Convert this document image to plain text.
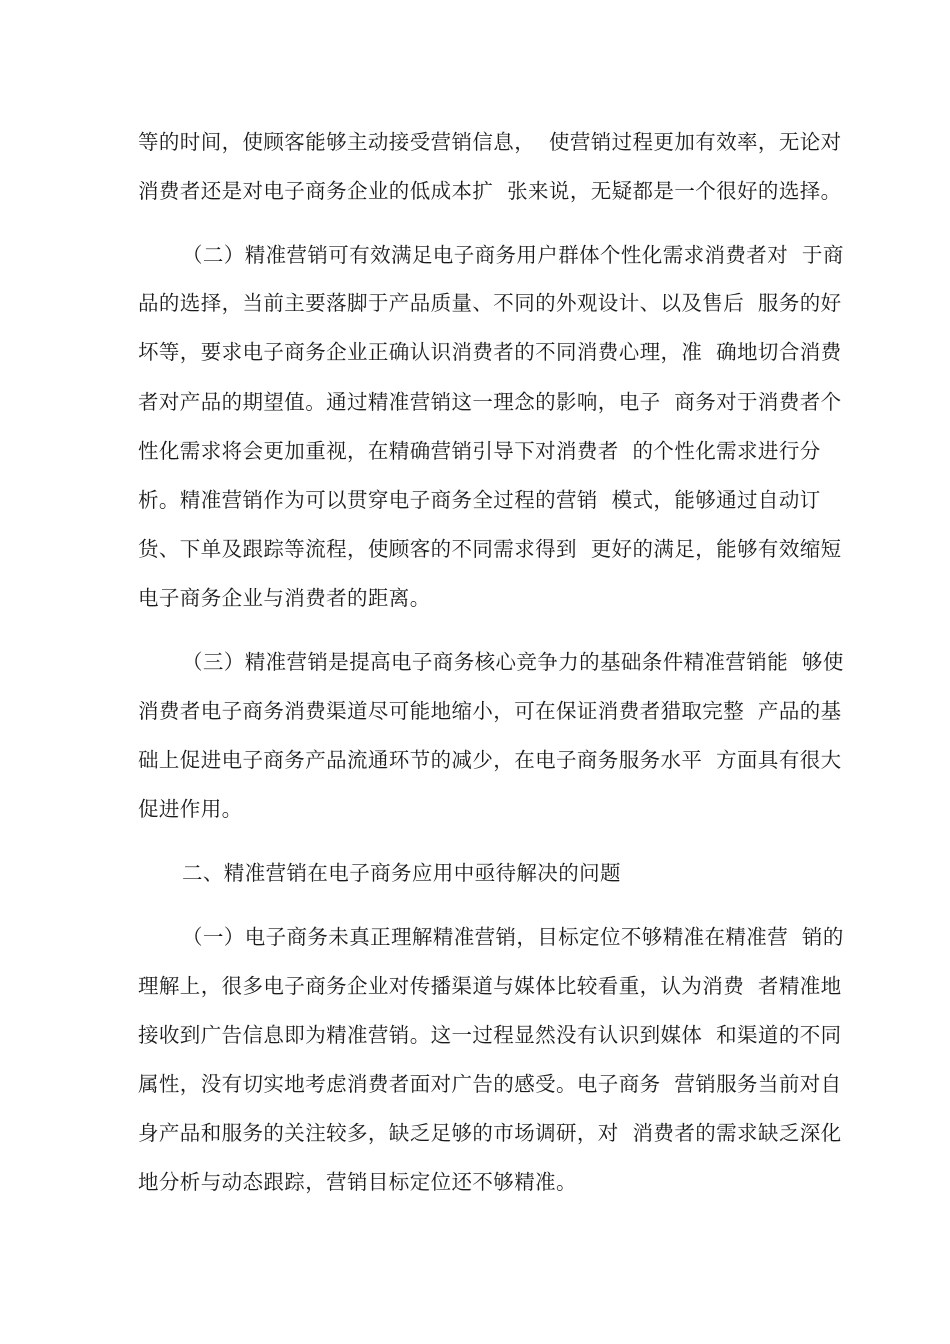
等的时间，使顾客能够主动接受营销信息，  使营销过程更加有效率，无论对
消费者还是对电子商务企业的低成本扩  张来说，无疑都是一个很好的选择。
（二）精准营销可有效满足电子商务用户群体个性化需求消费者对  于商
品的选择，当前主要落脚于产品质量、不同的外观设计、以及售后  服务的好
坏等，要求电子商务企业正确认识消费者的不同消费心理，准  确地切合消费
者对产品的期望值。通过精准营销这一理念的影响，电子  商务对于消费者个
性化需求将会更加重视，在精确营销引导下对消费者  的个性化需求进行分
析。精准营销作为可以贯穿电子商务全过程的营销  模式，能够通过自动订
货、下单及跟踪等流程，使顾客的不同需求得到  更好的满足，能够有效缩短
电子商务企业与消费者的距离。
（三）精准营销是提高电子商务核心竞争力的基础条件精准营销能  够使
消费者电子商务消费渠道尽可能地缩小，可在保证消费者猎取完整  产品的基
础上促进电子商务产品流通环节的减少，在电子商务服务水平  方面具有很大
促进作用。
二、精准营销在电子商务应用中亟待解决的问题
（一）电子商务未真正理解精准营销，目标定位不够精准在精准营  销的
理解上，很多电子商务企业对传播渠道与媒体比较看重，认为消费  者精准地
接收到广告信息即为精准营销。这一过程显然没有认识到媒体  和渠道的不同
属性，没有切实地考虑消费者面对广告的感受。电子商务  营销服务当前对自
身产品和服务的关注较多，缺乏足够的市场调研，对  消费者的需求缺乏深化
地分析与动态跟踪，营销目标定位还不够精准。
